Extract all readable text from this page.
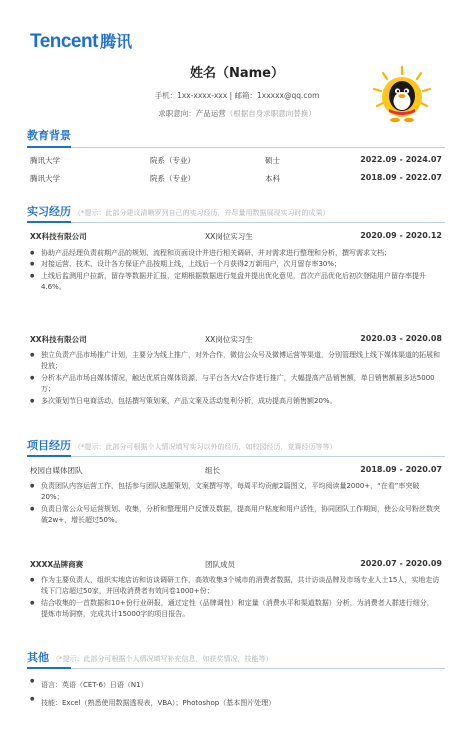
Tencent 腾讯
姓名（Name）
手机：1xx-xxxx-xxx | 邮箱：1xxxxx@qq.com
求职意向：产品运营（根据自身求职意向替换）
教育背景
腾讯大学	院系（专业）	硕士	2022.09 - 2024.07
腾讯大学	院系（专业）	本科	2018.09 - 2022.07
实习经历 （*提示：此部分建议清晰罗列自己的实习经历，并尽量用数据展现实习时的成果）
XX科技有限公司	XX岗位实习生	2020.09 - 2020.12
● 协助产品经理负责前期产品的规划、流程和页面设计并进行相关调研，并对需求进行整理和分析，撰写需求文档；
● 对接运营、技术、设计各方保证产品按期上线，上线后一个月获得2万新用户，次月留存率30%；
● 上线后监测用户拉新，留存等数据并汇报，定期根据数据进行复盘并提出优化意见，首次产品优化后初次登陆用户留存率提升4.6%。
XX科技有限公司	XX岗位实习生	2020.03 - 2020.08
● 独立负责产品市场推广计划，主要分为线上推广，对外合作，微信公众号及微博运营等渠道，分别管理线上线下媒体渠道的拓展和投放；
● 分析本产品市场自媒体情况，触达优质自媒体资源，与平台各大V合作进行推广，大幅提高产品销售额，单日销售额最多达5000万；
● 多次策划节日电商活动，包括撰写策划案，产品文案及活动复利分析，成功提高月销售额20%。
项目经历 （*提示：此部分可根据个人情况填写实习以外的经历，如校园经历，竞赛经历等等）
校园自媒体团队	组长	2018.09 - 2020.07
● 负责团队内容运营工作，包括参与团队选题策划，文案撰写等，每周平均贡献2篇图文，平均阅读量2000+，“在看”率突破20%；
● 负责日常公众号运营规划、收集，分析和整理用户反馈及数据，提高用户粘度和用户活性，协同团队工作期间，使公众号粉丝数突破2w+，增长超过50%。
XXXX品牌商赛	团队成员	2020.07 - 2020.09
● 作为主要负责人，组织实地店访和访谈调研工作，高效收集3个城市的消费者数据，共计访谈品牌及市场专业人士15人，实地走访线下门店超过50家，并回收消费者有效问卷1000+份；
● 结合收集的一首数据和10+份行业研报，通过定性（品牌调性）和定量（消费水平和渠道数据）分析，为消费者人群进行细分，提炼市场洞察，完成共计15000字的项目报告。
其他 （*提示：此部分可根据个人情况填写补充信息，如获奖情况，技能等）
● 语言：英语（CET-6）日语（N1）
● 技能：Excel（熟悉使用数据透视表，VBA）；Photoshop（基本图片处理）
